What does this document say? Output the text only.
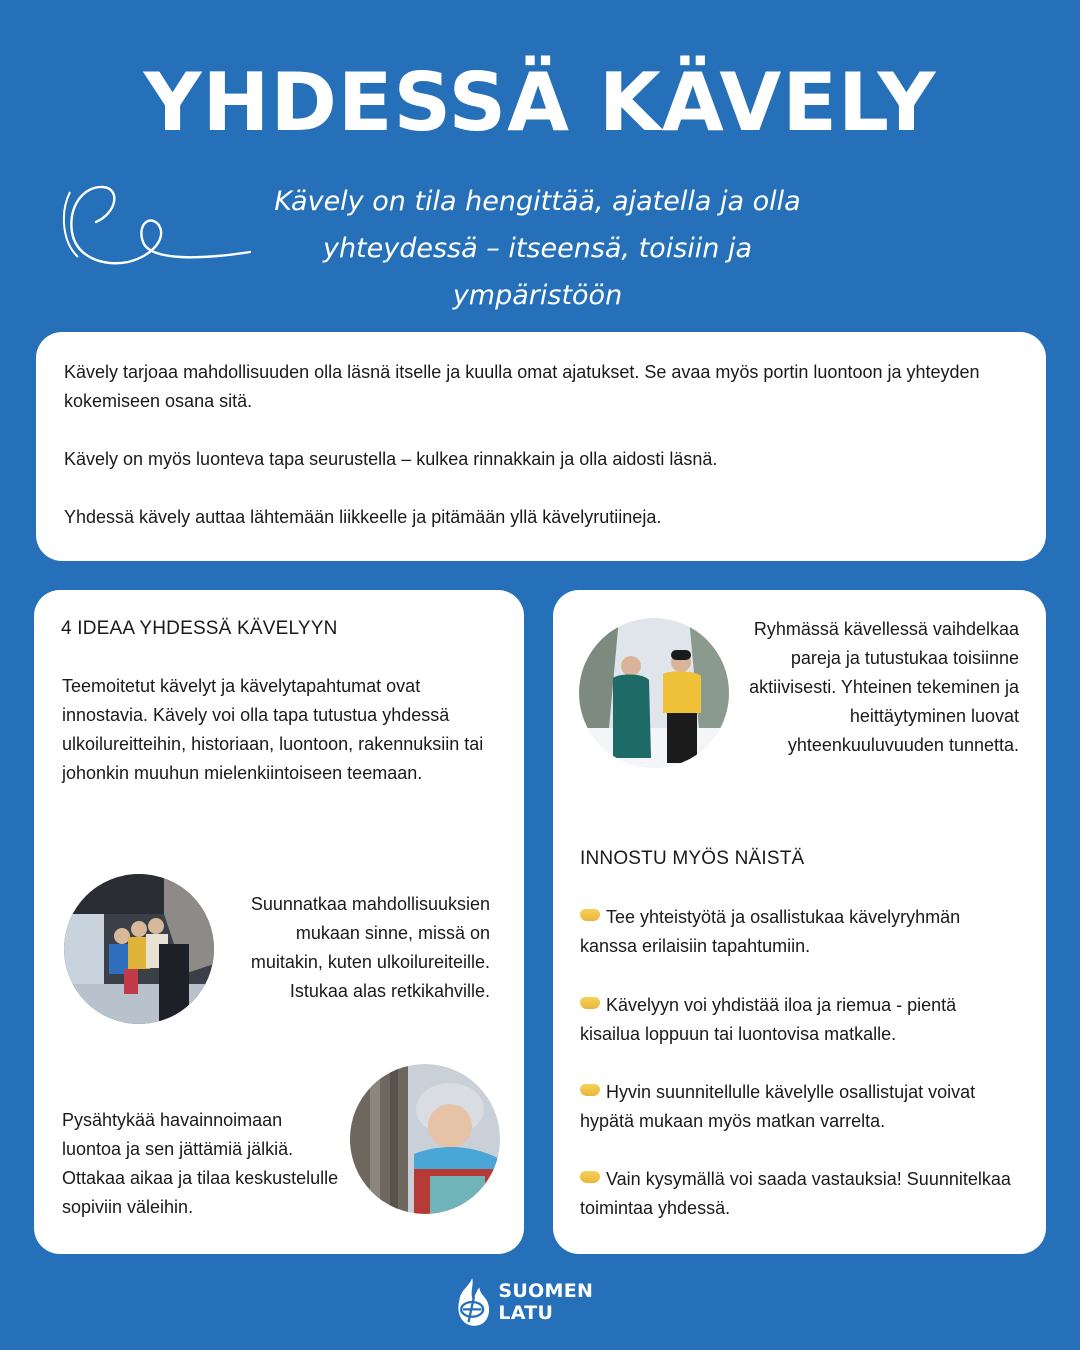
YHDESSÄ KÄVELY
Kävely on tila hengittää, ajatella ja olla
yhteydessä – itseensä, toisiin ja ympäristöön

Kävely tarjoaa mahdollisuuden olla läsnä itselle ja kuulla omat ajatukset. Se avaa myös portin luontoon ja yhteyden kokemiseen osana sitä.

Kävely on myös luonteva tapa seurustella – kulkea rinnakkain ja olla aidosti läsnä.

Yhdessä kävely auttaa lähtemään liikkeelle ja pitämään yllä kävelyrutiineja.

4 IDEAA YHDESSÄ KÄVELYYN
Teemoitetut kävelyt ja kävelytapahtumat ovat innostavia. Kävely voi olla tapa tutustua yhdessä ulkoilureitteihin, historiaan, luontoon, rakennuksiin tai johonkin muuhun mielenkiintoiseen teemaan.
Suunnatkaa mahdollisuuksien mukaan sinne, missä on muitakin, kuten ulkoilureiteille. Istukaa alas retkikahville.
Pysähtykää havainnoimaan luontoa ja sen jättämiä jälkiä. Ottakaa aikaa ja tilaa keskustelulle sopiviin väleihin.
Ryhmässä kävellessä vaihdelkaa pareja ja tutustukaa toisiinne aktiivisesti. Yhteinen tekeminen ja heittäytyminen luovat yhteenkuuluvuuden tunnetta.
INNOSTU MYÖS NÄISTÄ
Tee yhteistyötä ja osallistukaa kävelyryhmän kanssa erilaisiin tapahtumiin.
Kävelyyn voi yhdistää iloa ja riemua - pientä kisailua loppuun tai luontovisa matkalle.
Hyvin suunnitellulle kävelylle osallistujat voivat hypätä mukaan myös matkan varrelta.
Vain kysymällä voi saada vastauksia! Suunnitelkaa toimintaa yhdessä.
SUOMEN LATU
